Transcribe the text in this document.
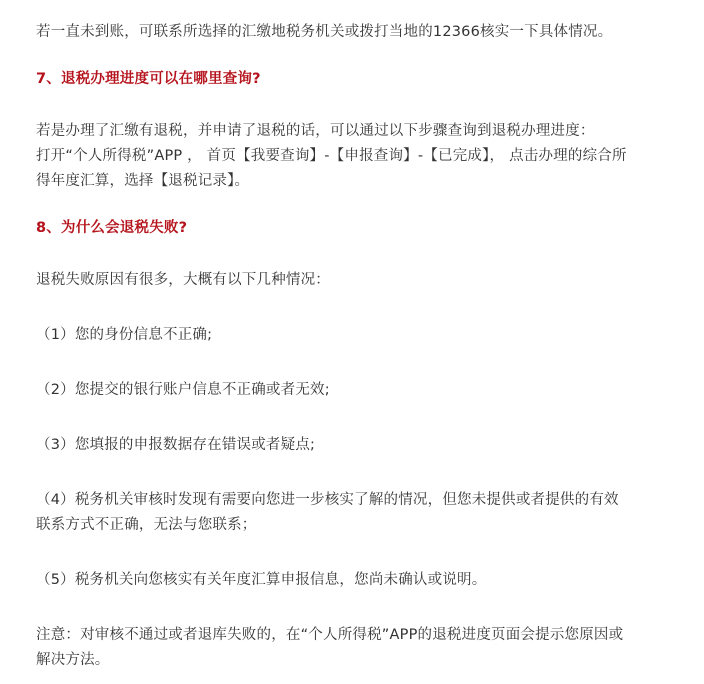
若一直未到账，可联系所选择的汇缴地税务机关或拨打当地的12366核实一下具体情况。

7、退税办理进度可以在哪里查询?

若是办理了汇缴有退税，并申请了退税的话，可以通过以下步骤查询到退税办理进度：

打开“个人所得税”APP ， 首页【我要查询】-【申报查询】-【已完成】， 点击办理的综合所

得年度汇算，选择【退税记录】。

8、为什么会退税失败?

退税失败原因有很多，大概有以下几种情况：

（1）您的身份信息不正确;

（2）您提交的银行账户信息不正确或者无效;

（3）您填报的申报数据存在错误或者疑点;

（4）税务机关审核时发现有需要向您进一步核实了解的情况，但您未提供或者提供的有效

联系方式不正确，无法与您联系；

（5）税务机关向您核实有关年度汇算申报信息，您尚未确认或说明。

注意：对审核不通过或者退库失败的，在“个人所得税”APP的退税进度页面会提示您原因或

解决方法。
